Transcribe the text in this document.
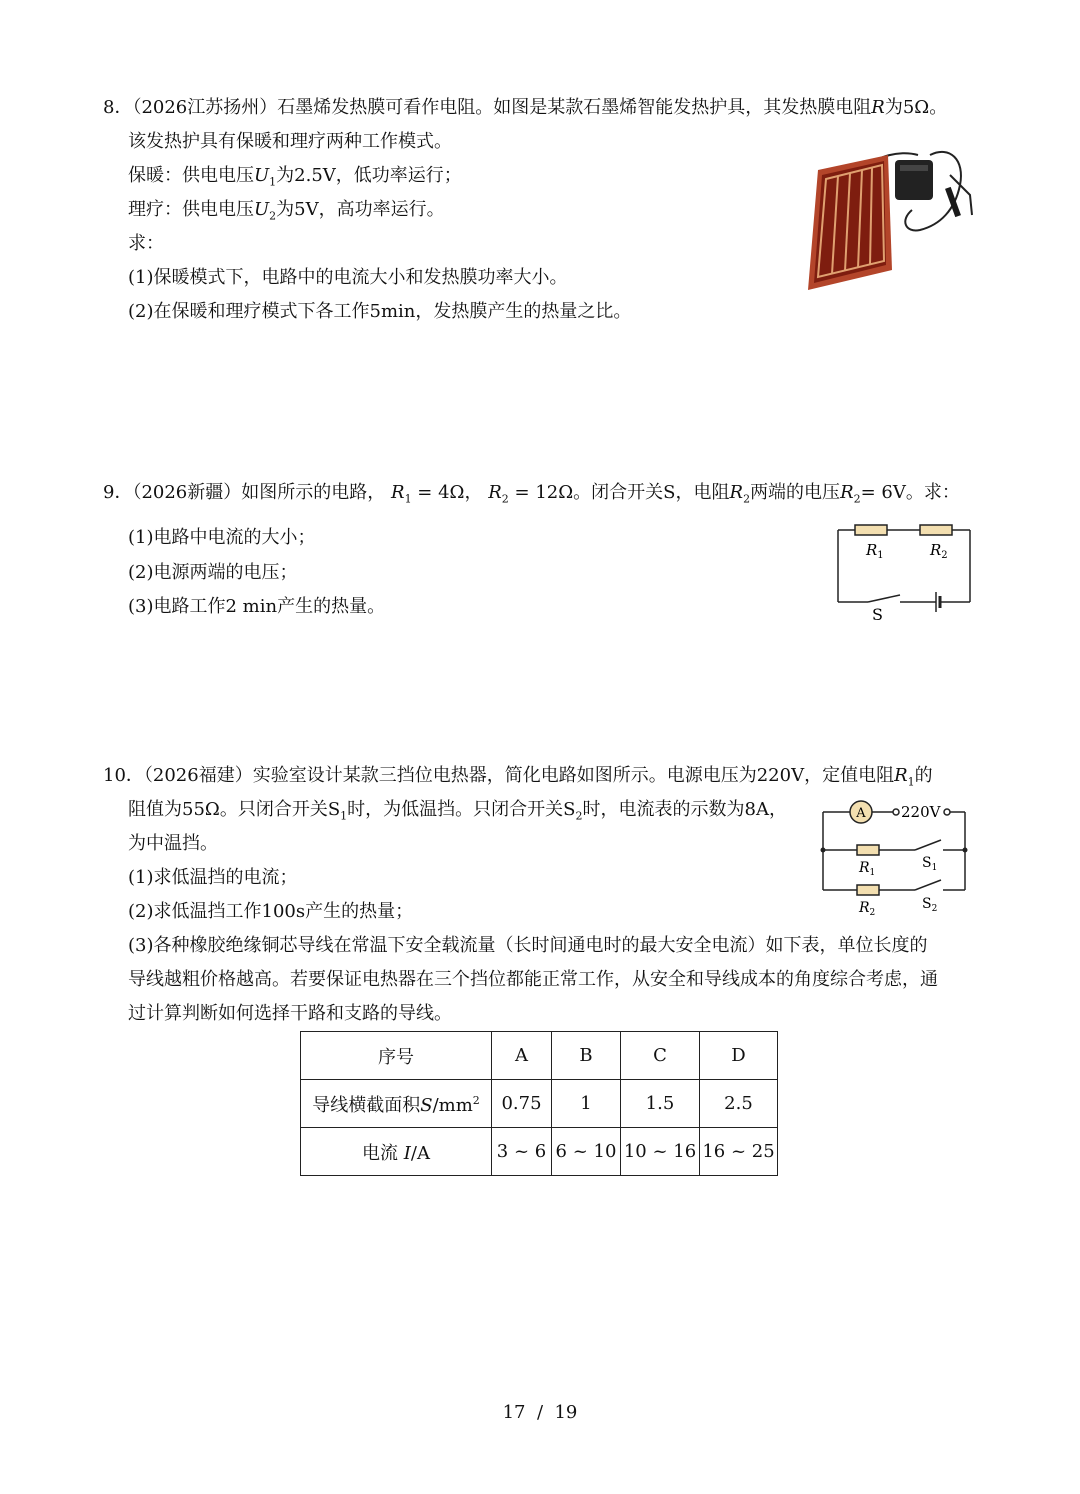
8．（2026江苏扬州）石墨烯发热膜可看作电阻。如图是某款石墨烯智能发热护具，其发热膜电阻R为5Ω。
该发热护具有保暖和理疗两种工作模式。
保暖：供电电压$U_1$为2.5V，低功率运行；
理疗：供电电压$U_2$为5V，高功率运行。
求：
(1)保暖模式下，电路中的电流大小和发热膜功率大小。
(2)在保暖和理疗模式下各工作5min，发热膜产生的热量之比。
9．（2026新疆）如图所示的电路， $R_1 = 4\Omega$， $R_2 = 12\Omega$。闭合开关S，电阻$R_2$两端的电压$R_2= 6V$。求：
(1)电路中电流的大小；
(2)电源两端的电压；
(3)电路工作2 min产生的热量。
$R_1$	$R_2$
S
10．（2026福建）实验室设计某款三挡位电热器，简化电路如图所示。电源电压为220V，定值电阻$R_1$的
阻值为55Ω。只闭合开关$S_1$时，为低温挡。只闭合开关$S_2$时，电流表的示数为8A，
为中温挡。
(1)求低温挡的电流；
(2)求低温挡工作100s产生的热量；
(3)各种橡胶绝缘铜芯导线在常温下安全载流量（长时间通电时的最大安全电流）如下表，单位长度的
导线越粗价格越高。若要保证电热器在三个挡位都能正常工作，从安全和导线成本的角度综合考虑，通
过计算判断如何选择干路和支路的导线。
A 220V
$R_1$
$S_1$
$R_2$
$S_2$
序号	A	B	C	D
导线横截面积$S/mm^2$	0.75	1	1.5	2.5
电流 I/A	3 ~ 6	6 ~ 10	10 ~ 16	16 ~ 25
17  /  19
